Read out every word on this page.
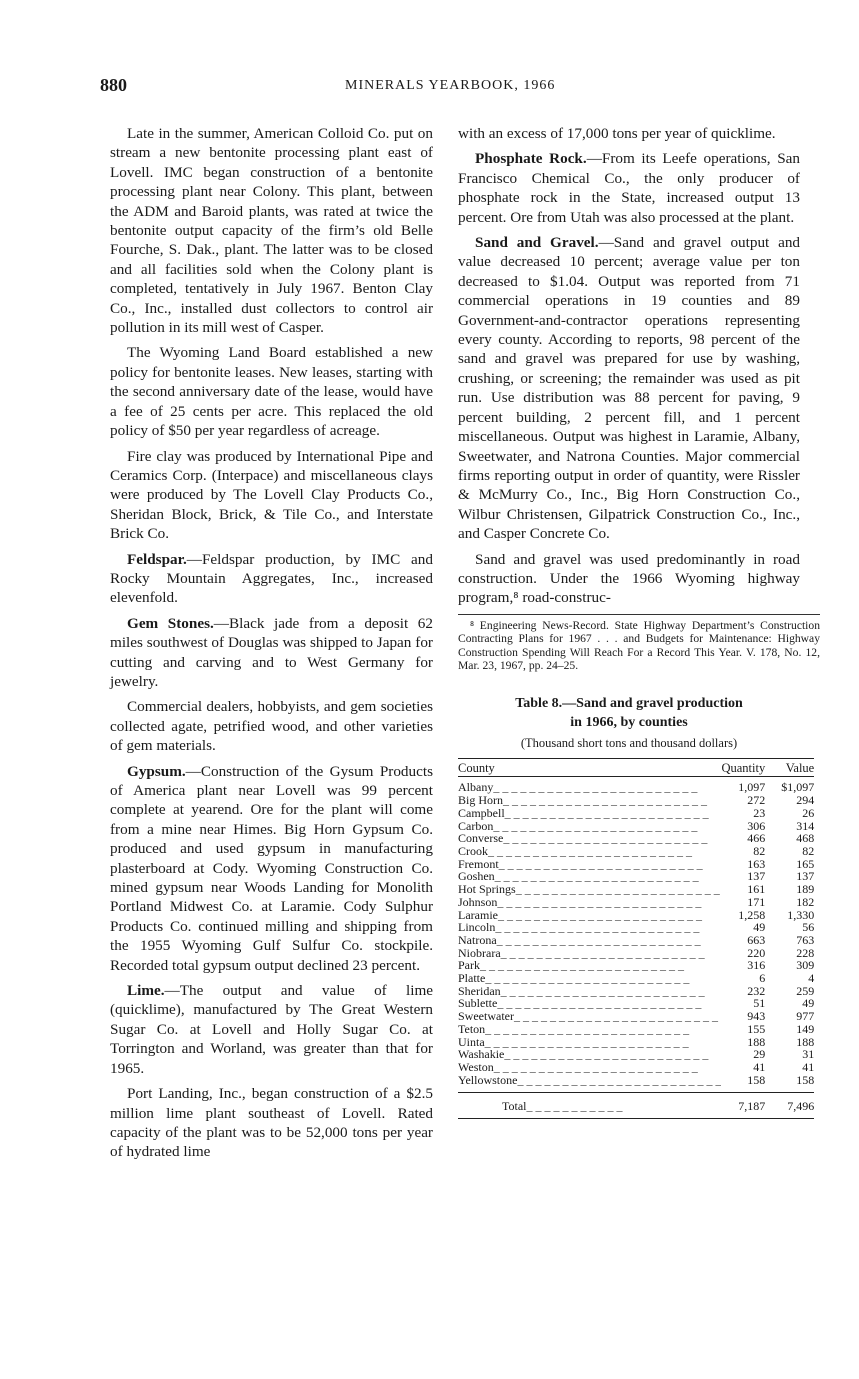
880	MINERALS YEARBOOK, 1966

Late in the summer, American Colloid Co. put on stream a new bentonite processing plant east of Lovell. IMC began construction of a bentonite processing plant near Colony. This plant, between the ADM and Baroid plants, was rated at twice the bentonite output capacity of the firm’s old Belle Fourche, S. Dak., plant. The latter was to be closed and all facilities sold when the Colony plant is completed, tentatively in July 1967. Benton Clay Co., Inc., installed dust collectors to control air pollution in its mill west of Casper.

The Wyoming Land Board established a new policy for bentonite leases. New leases, starting with the second anniversary date of the lease, would have a fee of 25 cents per acre. This replaced the old policy of $50 per year regardless of acreage.

Fire clay was produced by International Pipe and Ceramics Corp. (Interpace) and miscellaneous clays were produced by The Lovell Clay Products Co., Sheridan Block, Brick, & Tile Co., and Interstate Brick Co.

Feldspar.—Feldspar production, by IMC and Rocky Mountain Aggregates, Inc., increased elevenfold.

Gem Stones.—Black jade from a deposit 62 miles southwest of Douglas was shipped to Japan for cutting and carving and to West Germany for jewelry.

Commercial dealers, hobbyists, and gem societies collected agate, petrified wood, and other varieties of gem materials.

Gypsum.—Construction of the Gysum Products of America plant near Lovell was 99 percent complete at yearend. Ore for the plant will come from a mine near Himes. Big Horn Gypsum Co. produced and used gypsum in manufacturing plasterboard at Cody. Wyoming Construction Co. mined gypsum near Woods Landing for Monolith Portland Midwest Co. at Laramie. Cody Sulphur Products Co. continued milling and shipping from the 1955 Wyoming Gulf Sulfur Co. stockpile. Recorded total gypsum output declined 23 percent.

Lime.—The output and value of lime (quicklime), manufactured by The Great Western Sugar Co. at Lovell and Holly Sugar Co. at Torrington and Worland, was greater than that for 1965.

Port Landing, Inc., began construction of a $2.5 million lime plant southeast of Lovell. Rated capacity of the plant was to be 52,000 tons per year of hydrated lime

with an excess of 17,000 tons per year of quicklime.

Phosphate Rock.—From its Leefe operations, San Francisco Chemical Co., the only producer of phosphate rock in the State, increased output 13 percent. Ore from Utah was also processed at the plant.

Sand and Gravel.—Sand and gravel output and value decreased 10 percent; average value per ton decreased to $1.04. Output was reported from 71 commercial operations in 19 counties and 89 Government-and-contractor operations representing every county. According to reports, 98 percent of the sand and gravel was prepared for use by washing, crushing, or screening; the remainder was used as pit run. Use distribution was 88 percent for paving, 9 percent building, 2 percent fill, and 1 percent miscellaneous. Output was highest in Laramie, Albany, Sweetwater, and Natrona Counties. Major commercial firms reporting output in order of quantity, were Rissler & McMurry Co., Inc., Big Horn Construction Co., Wilbur Christensen, Gilpatrick Construction Co., Inc., and Casper Concrete Co.

Sand and gravel was used predominantly in road construction. Under the 1966 Wyoming highway program,⁸ road-construc-

⁸ Engineering News-Record. State Highway Department’s Construction Contracting Plans for 1967 . . . and Budgets for Maintenance: Highway Construction Spending Will Reach For a Record This Year. V. 178, No. 12, Mar. 23, 1967, pp. 24–25.
Table 8.—Sand and gravel production
in 1966, by counties
(Thousand short tons and thousand dollars)
County	Quantity	Value
Albany_ _ _ _ _ _ _ _ _ _ _ _ _ _ _ _ _ _ _ _ _ _ _	1,097	$1,097
Big Horn_ _ _ _ _ _ _ _ _ _ _ _ _ _ _ _ _ _ _ _ _ _ _	272	294
Campbell_ _ _ _ _ _ _ _ _ _ _ _ _ _ _ _ _ _ _ _ _ _ _	23	26
Carbon_ _ _ _ _ _ _ _ _ _ _ _ _ _ _ _ _ _ _ _ _ _ _	306	314
Converse_ _ _ _ _ _ _ _ _ _ _ _ _ _ _ _ _ _ _ _ _ _ _	466	468
Crook_ _ _ _ _ _ _ _ _ _ _ _ _ _ _ _ _ _ _ _ _ _ _	82	82
Fremont_ _ _ _ _ _ _ _ _ _ _ _ _ _ _ _ _ _ _ _ _ _ _	163	165
Goshen_ _ _ _ _ _ _ _ _ _ _ _ _ _ _ _ _ _ _ _ _ _ _	137	137
Hot Springs_ _ _ _ _ _ _ _ _ _ _ _ _ _ _ _ _ _ _ _ _ _ _	161	189
Johnson_ _ _ _ _ _ _ _ _ _ _ _ _ _ _ _ _ _ _ _ _ _ _	171	182
Laramie_ _ _ _ _ _ _ _ _ _ _ _ _ _ _ _ _ _ _ _ _ _ _	1,258	1,330
Lincoln_ _ _ _ _ _ _ _ _ _ _ _ _ _ _ _ _ _ _ _ _ _ _	49	56
Natrona_ _ _ _ _ _ _ _ _ _ _ _ _ _ _ _ _ _ _ _ _ _ _	663	763
Niobrara_ _ _ _ _ _ _ _ _ _ _ _ _ _ _ _ _ _ _ _ _ _ _	220	228
Park_ _ _ _ _ _ _ _ _ _ _ _ _ _ _ _ _ _ _ _ _ _ _	316	309
Platte_ _ _ _ _ _ _ _ _ _ _ _ _ _ _ _ _ _ _ _ _ _ _	6	4
Sheridan_ _ _ _ _ _ _ _ _ _ _ _ _ _ _ _ _ _ _ _ _ _ _	232	259
Sublette_ _ _ _ _ _ _ _ _ _ _ _ _ _ _ _ _ _ _ _ _ _ _	51	49
Sweetwater_ _ _ _ _ _ _ _ _ _ _ _ _ _ _ _ _ _ _ _ _ _ _	943	977
Teton_ _ _ _ _ _ _ _ _ _ _ _ _ _ _ _ _ _ _ _ _ _ _	155	149
Uinta_ _ _ _ _ _ _ _ _ _ _ _ _ _ _ _ _ _ _ _ _ _ _	188	188
Washakie_ _ _ _ _ _ _ _ _ _ _ _ _ _ _ _ _ _ _ _ _ _ _	29	31
Weston_ _ _ _ _ _ _ _ _ _ _ _ _ _ _ _ _ _ _ _ _ _ _	41	41
Yellowstone_ _ _ _ _ _ _ _ _ _ _ _ _ _ _ _ _ _ _ _ _ _ _	158	158
Total_ _ _ _ _ _ _ _ _ _ _	7,187	7,496
